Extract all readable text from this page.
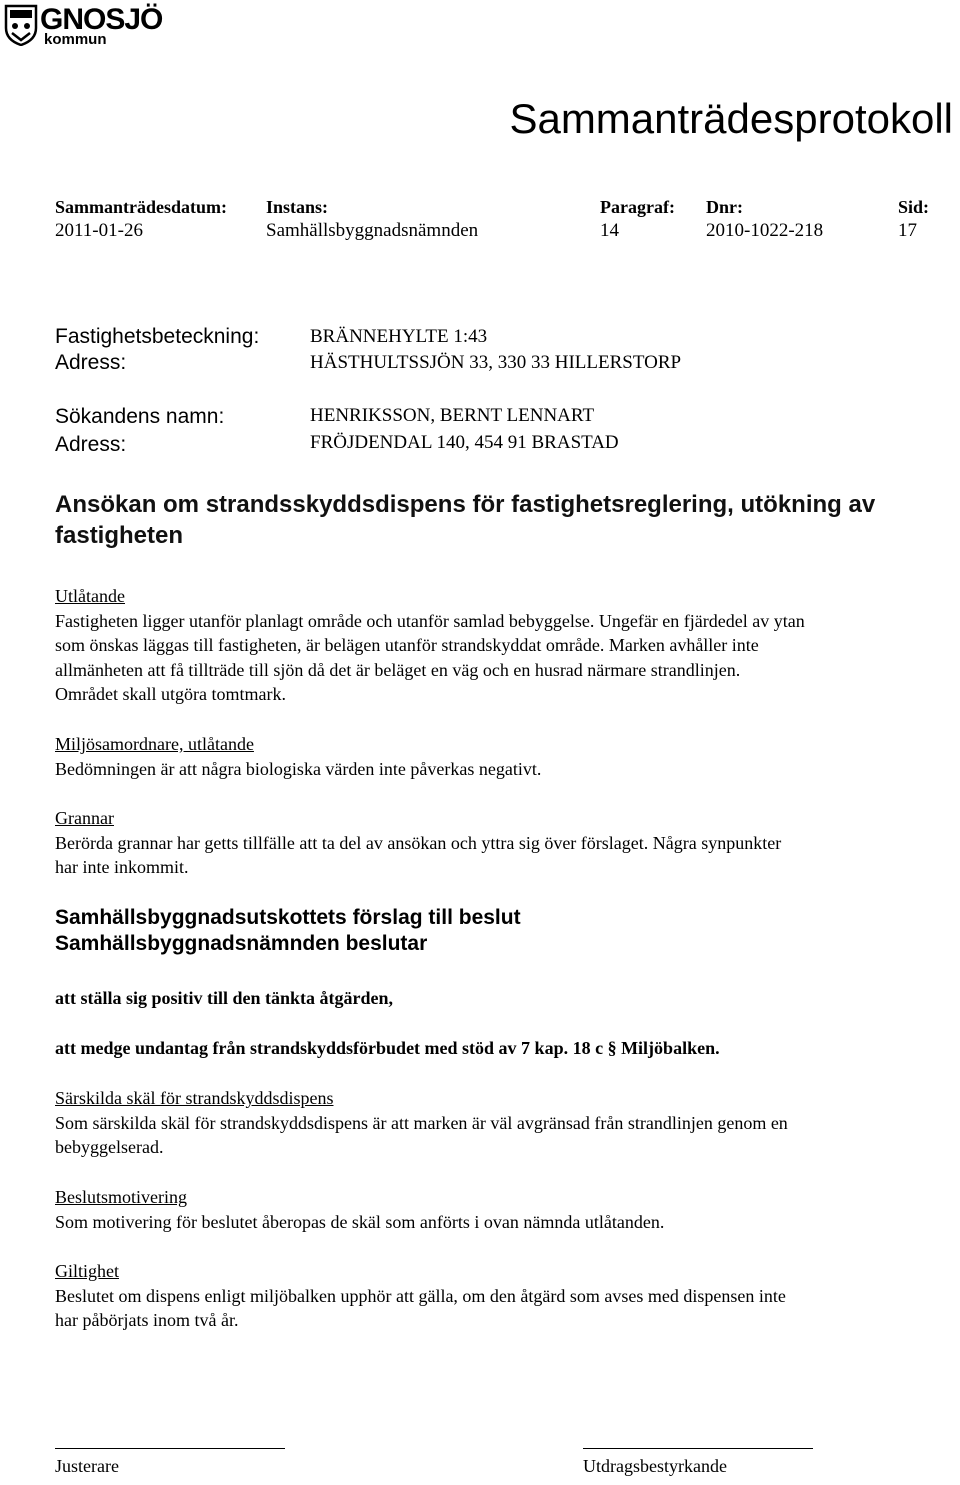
GNOSJÖ
kommun
Sammanträdesprotokoll
Sammanträdesdatum:
2011-01-26
Instans:
Samhällsbyggnadsnämnden
Paragraf:
14
Dnr:
2010-1022-218
Sid:
17
Fastighetsbeteckning:	BRÄNNEHYLTE 1:43
Adress:	HÄSTHULTSSJÖN 33, 330 33 HILLERSTORP
Sökandens namn:	HENRIKSSON, BERNT LENNART
Adress:	FRÖJDENDAL 140, 454 91 BRASTAD
Ansökan om strandsskyddsdispens för fastighetsreglering, utökning av fastigheten
Utlåtande

Fastigheten ligger utanför planlagt område och utanför samlad bebyggelse. Ungefär en fjärdedel av ytan

som önskas läggas till fastigheten, är belägen utanför strandskyddat område. Marken avhåller inte

allmänheten att få tillträde till sjön då det är beläget en väg och en husrad närmare strandlinjen.

Området skall utgöra tomtmark.

Miljösamordnare, utlåtande

Bedömningen är att några biologiska värden inte påverkas negativt.

Grannar

Berörda grannar har getts tillfälle att ta del av ansökan och yttra sig över förslaget. Några synpunkter

har inte inkommit.

Samhällsbyggnadsutskottets förslag till beslut
Samhällsbyggnadsnämnden beslutar
att ställa sig positiv till den tänkta åtgärden,
att medge undantag från strandskyddsförbudet med stöd av 7 kap. 18 c § Miljöbalken.
Särskilda skäl för strandskyddsdispens

Som särskilda skäl för strandskyddsdispens är att marken är väl avgränsad från strandlinjen genom en

bebyggelserad.

Beslutsmotivering

Som motivering för beslutet åberopas de skäl som anförts i ovan nämnda utlåtanden.

Giltighet

Beslutet om dispens enligt miljöbalken upphör att gälla, om den åtgärd som avses med dispensen inte

har påbörjats inom två år.

Justerare	Utdragsbestyrkande
